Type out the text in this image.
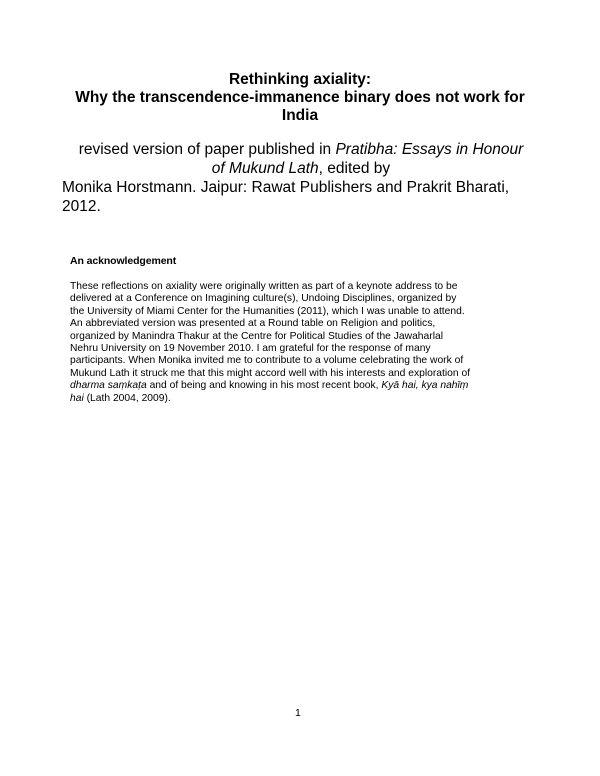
Rethinking axiality:
Why the transcendence-immanence binary does not work for
India
revised version of paper published in Pratibha: Essays in Honour
of Mukund Lath, edited by
Monika Horstmann. Jaipur: Rawat Publishers and Prakrit Bharati,
2012.
An acknowledgement
These reflections on axiality were originally written as part of a keynote address to be
delivered at a Conference on Imagining culture(s), Undoing Disciplines, organized by
the University of Miami Center for the Humanities (2011), which I was unable to attend.
An abbreviated version was presented at a Round table on Religion and politics,
organized by Manindra Thakur at the Centre for Political Studies of the Jawaharlal
Nehru University on 19 November 2010. I am grateful for the response of many
participants. When Monika invited me to contribute to a volume celebrating the work of
Mukund Lath it struck me that this might accord well with his interests and exploration of
dharma saṃkaṭa and of being and knowing in his most recent book, Kyā hai, kya nahīṃ
hai (Lath 2004, 2009).
1
